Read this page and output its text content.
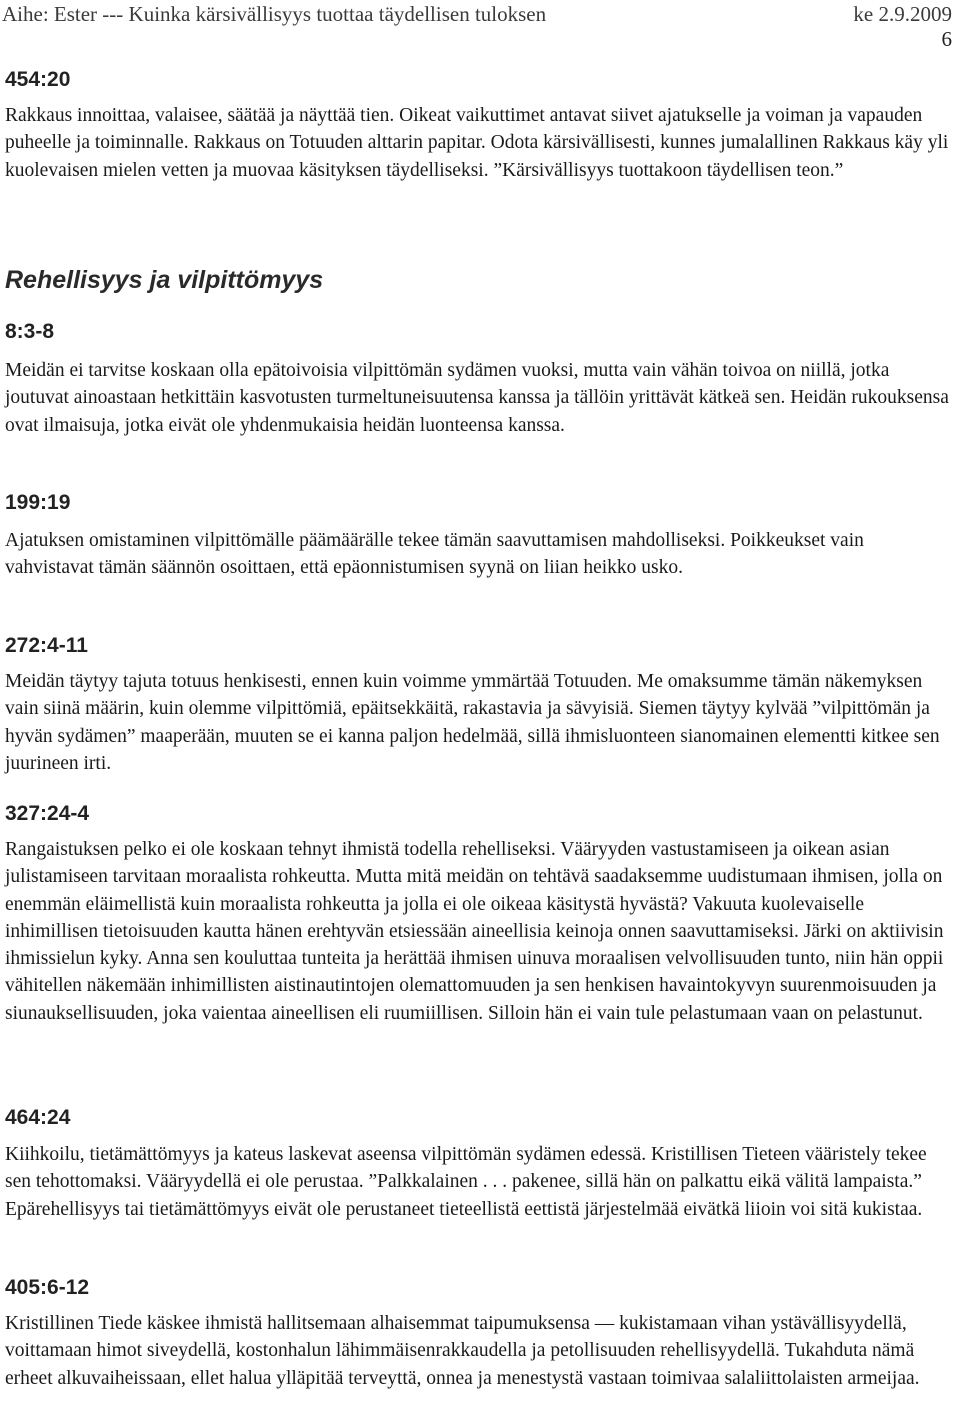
Aihe: Ester --- Kuinka kärsivällisyys tuottaa täydellisen tuloksen	ke 2.9.2009
6

454:20

Rakkaus innoittaa, valaisee, säätää ja näyttää tien. Oikeat vaikuttimet antavat siivet ajatukselle ja voiman ja vapauden puheelle ja toiminnalle. Rakkaus on Totuuden alttarin papitar. Odota kärsivällisesti, kunnes jumalallinen Rakkaus käy yli kuolevaisen mielen vetten ja muovaa käsityksen täydelliseksi. ”Kärsivällisyys tuottakoon täydellisen teon.”

Rehellisyys ja vilpittömyys

8:3-8

Meidän ei tarvitse koskaan olla epätoivoisia vilpittömän sydämen vuoksi, mutta vain vähän toivoa on niillä, jotka joutuvat ainoastaan hetkittäin kasvotusten turmeltuneisuutensa kanssa ja tällöin yrittävät kätkeä sen. Heidän rukouksensa ovat ilmaisuja, jotka eivät ole yhdenmukaisia heidän luonteensa kanssa.

199:19

Ajatuksen omistaminen vilpittömälle päämäärälle tekee tämän saavuttamisen mahdolliseksi. Poikkeukset vain vahvistavat tämän säännön osoittaen, että epäonnistumisen syynä on liian heikko usko.

272:4-11

Meidän täytyy tajuta totuus henkisesti, ennen kuin voimme ymmärtää Totuuden. Me omaksumme tämän näkemyksen vain siinä määrin, kuin olemme vilpittömiä, epäitsekkäitä, rakastavia ja sävyisiä. Siemen täytyy kylvää ”vilpittömän ja hyvän sydämen” maaperään, muuten se ei kanna paljon hedelmää, sillä ihmisluonteen sianomainen elementti kitkee sen juurineen irti.

327:24-4

Rangaistuksen pelko ei ole koskaan tehnyt ihmistä todella rehelliseksi. Vääryyden vastustamiseen ja oikean asian julistamiseen tarvitaan moraalista rohkeutta. Mutta mitä meidän on tehtävä saadaksemme uudistumaan ihmisen, jolla on enemmän eläimellistä kuin moraalista rohkeutta ja jolla ei ole oikeaa käsitystä hyvästä? Vakuuta kuolevaiselle inhimillisen tietoisuuden kautta hänen erehtyvän etsiessään aineellisia keinoja onnen saavuttamiseksi. Järki on aktiivisin ihmissielun kyky. Anna sen kouluttaa tunteita ja herättää ihmisen uinuva moraalisen velvollisuuden tunto, niin hän oppii vähitellen näkemään inhimillisten aistinautintojen olemattomuuden ja sen henkisen havaintokyvyn suurenmoisuuden ja siunauksellisuuden, joka vaientaa aineellisen eli ruumiillisen. Silloin hän ei vain tule pelastumaan vaan on pelastunut.

464:24

Kiihkoilu, tietämättömyys ja kateus laskevat aseensa vilpittömän sydämen edessä. Kristillisen Tieteen vääristely tekee sen tehottomaksi. Vääryydellä ei ole perustaa. ”Palkkalainen . . . pakenee, sillä hän on palkattu eikä välitä lampaista.” Epärehellisyys tai tietämättömyys eivät ole perustaneet tieteellistä eettistä järjestelmää eivätkä liioin voi sitä kukistaa.

405:6-12

Kristillinen Tiede käskee ihmistä hallitsemaan alhaisemmat taipumuksensa — kukistamaan vihan ystävällisyydellä, voittamaan himot siveydellä, kostonhalun lähimmäisenrakkaudella ja petollisuuden rehellisyydellä. Tukahduta nämä erheet alkuvaiheissaan, ellet halua ylläpitää terveyttä, onnea ja menestystä vastaan toimivaa salaliittolaisten armeijaa.
